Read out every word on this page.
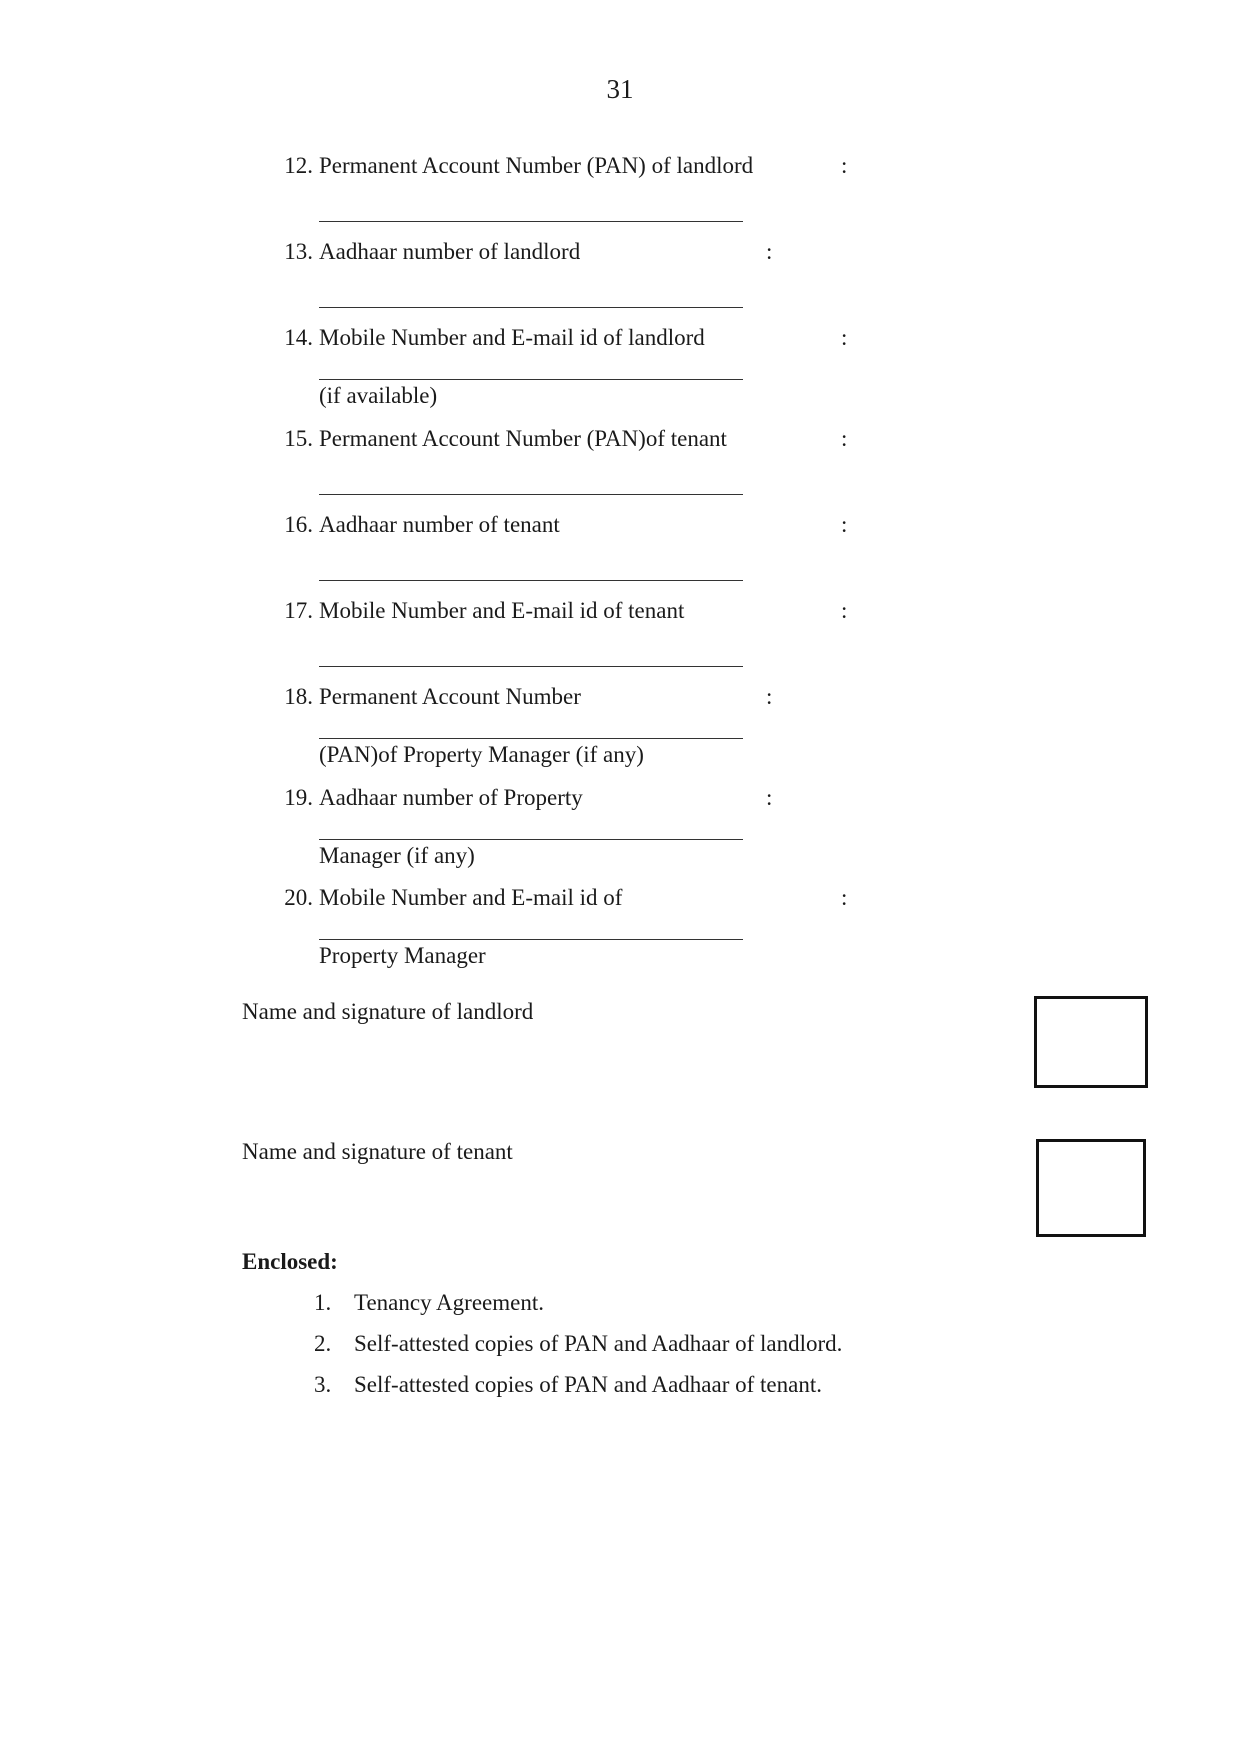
31
12. Permanent Account Number (PAN) of landlord	:
13. Aadhaar number of landlord	:
14. Mobile Number and E-mail id of landlord	:
(if available)
15. Permanent Account Number (PAN)of tenant	:
16. Aadhaar number of tenant	:
17. Mobile Number and E-mail id of tenant	:
18. Permanent Account Number	:
(PAN)of Property Manager (if any)
19. Aadhaar number of Property	:
Manager (if any)
20. Mobile Number and E-mail id of	:
Property Manager
Name and signature of landlord
Name and signature of tenant
Enclosed:
1. Tenancy Agreement.
2. Self-attested copies of PAN and Aadhaar of landlord.
3. Self-attested copies of PAN and Aadhaar of tenant.
